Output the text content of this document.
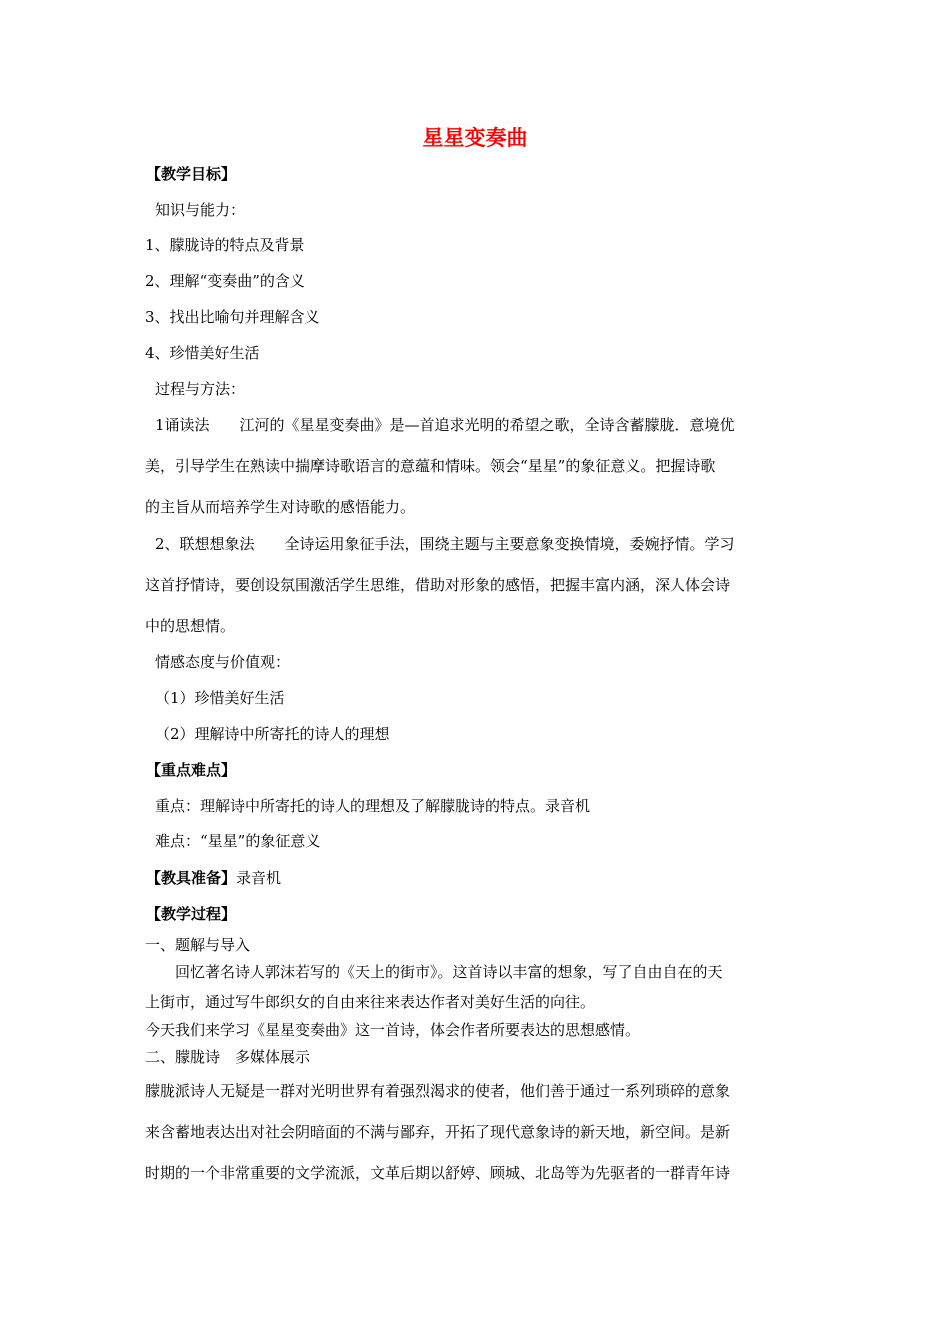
星星变奏曲
【教学目标】
知识与能力：
1、朦胧诗的特点及背景
2、理解“变奏曲”的含义
3、找出比喻句并理解含义
4、珍惜美好生活
过程与方法：
1诵读法　　江河的《星星变奏曲》是—首追求光明的希望之歌，全诗含蓄朦胧．意境优
美，引导学生在熟读中揣摩诗歌语言的意蕴和情味。领会“星星”的象征意义。把握诗歌
的主旨从而培养学生对诗歌的感悟能力。
2、联想想象法　　全诗运用象征手法，围绕主题与主要意象变换情境，委婉抒情。学习
这首抒情诗，要创设氛围激活学生思维，借助对形象的感悟，把握丰富内涵，深人体会诗
中的思想情。
情感态度与价值观：
（1）珍惜美好生活
（2）理解诗中所寄托的诗人的理想
【重点难点】
重点：理解诗中所寄托的诗人的理想及了解朦胧诗的特点。录音机
难点：“星星”的象征意义
【教具准备】录音机
【教学过程】
一、题解与导入
　　回忆著名诗人郭沫若写的《天上的街市》。这首诗以丰富的想象，写了自由自在的天
上街市，通过写牛郎织女的自由来往来表达作者对美好生活的向往。
今天我们来学习《星星变奏曲》这一首诗，体会作者所要表达的思想感情。
二、朦胧诗　多媒体展示
朦胧派诗人无疑是一群对光明世界有着强烈渴求的使者，他们善于通过一系列琐碎的意象
来含蓄地表达出对社会阴暗面的不满与鄙弃，开拓了现代意象诗的新天地，新空间。是新
时期的一个非常重要的文学流派，文革后期以舒婷、顾城、北岛等为先驱者的一群青年诗
